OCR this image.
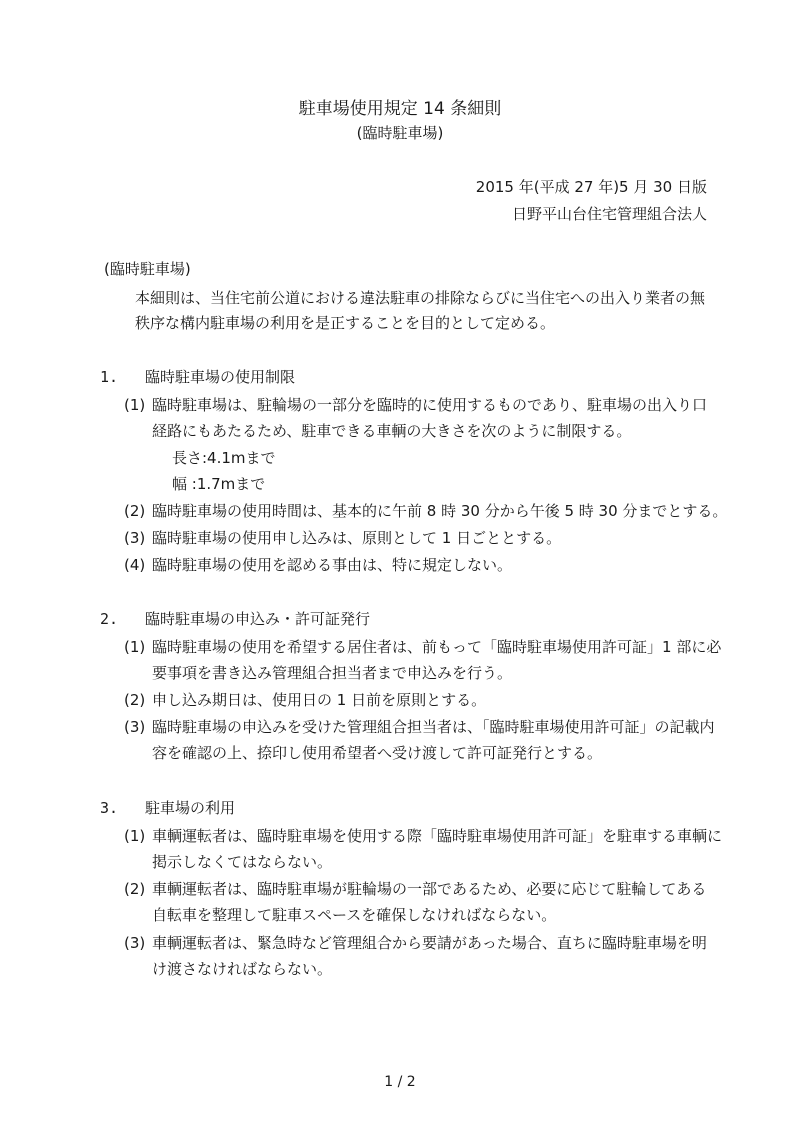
駐車場使用規定 14 条細則
(臨時駐車場)
2015 年(平成 27 年)5 月 30 日版
日野平山台住宅管理組合法人
(臨時駐車場)
本細則は、当住宅前公道における違法駐車の排除ならびに当住宅への出入り業者の無
秩序な構内駐車場の利用を是正することを目的として定める。
1. 臨時駐車場の使用制限
(1) 臨時駐車場は、駐輪場の一部分を臨時的に使用するものであり、駐車場の出入り口
経路にもあたるため、駐車できる車輌の大きさを次のように制限する。
長さ:4.1mまで
幅 :1.7mまで
(2) 臨時駐車場の使用時間は、基本的に午前 8 時 30 分から午後 5 時 30 分までとする。
(3) 臨時駐車場の使用申し込みは、原則として 1 日ごととする。
(4) 臨時駐車場の使用を認める事由は、特に規定しない。
2. 臨時駐車場の申込み・許可証発行
(1) 臨時駐車場の使用を希望する居住者は、前もって「臨時駐車場使用許可証」1 部に必
要事項を書き込み管理組合担当者まで申込みを行う。
(2) 申し込み期日は、使用日の 1 日前を原則とする。
(3) 臨時駐車場の申込みを受けた管理組合担当者は、「臨時駐車場使用許可証」の記載内
容を確認の上、捺印し使用希望者へ受け渡して許可証発行とする。
3. 駐車場の利用
(1) 車輌運転者は、臨時駐車場を使用する際「臨時駐車場使用許可証」を駐車する車輌に
掲示しなくてはならない。
(2) 車輌運転者は、臨時駐車場が駐輪場の一部であるため、必要に応じて駐輪してある
自転車を整理して駐車スペースを確保しなければならない。
(3) 車輌運転者は、緊急時など管理組合から要請があった場合、直ちに臨時駐車場を明
け渡さなければならない。
1 / 2
